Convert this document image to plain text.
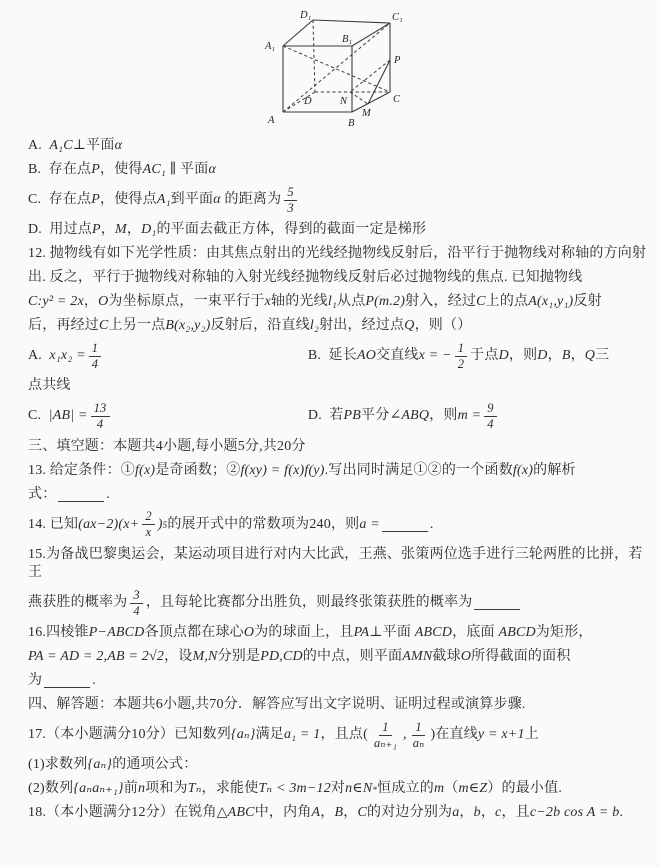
D₁	C₁
A₁
B₁
P
D	N	C
M
A	B
A. A₁C ⊥平面 α
B.  存在点 P ，使得 AC₁ ∥ 平面 α
C.  存在点 P ，使得点 A₁ 到平面 α 的距离为 $\frac{5}{3}$
D.  用过点 P ， M ， D₁ 的平面去截正方体，得到的截面一定是梯形
12. 抛物线有如下光学性质：由其焦点射出的光线经抛物线反射后，沿平行于抛物线对称轴的方向射
出. 反之，平行于抛物线对称轴的入射光线经抛物线反射后必过抛物线的焦点. 已知抛物线
C:y² = 2x ， O 为坐标原点，一束平行于 x 轴的光线 l₁ 从点 P(m.2) 射入，经过 C 上的点 A(x₁,y₁) 反射
后，再经过 C 上另一点 B(x₂,y₂) 反射后，沿直线 l₂ 射出，经过点 Q ，则（）
A. $x_1x_2 = \frac{1}{4}$	B.  延长 AO 交直线 x = − $\frac{1}{2}$ 于点 D ，则 D ， B ， Q 三
点共线
C. $|AB| = \frac{13}{4}$	D.  若 PB 平分 ∠ABQ ，则 $m = \frac{9}{4}$
三、填空题：本题共4小题,每小题5分,共20分
13. 给定条件：① f(x) 是奇函数；② f(xy) = f(x)f(y) .写出同时满足①②的一个函数 f(x) 的解析
式：	.
14. 已知 $(ax-2)(x+ \frac{2}{x}$ ) 5 的展开式中的常数项为240，则 a =	.
15.为备战巴黎奥运会，某运动项目进行对内大比武，王燕、张策两位选手进行三轮两胜的比拼，若王
燕获胜的概率为 $\frac{3}{4}$ ，且每轮比赛都分出胜负，则最终张策获胜的概率为
16.四棱锥 P−ABCD 各顶点都在球心 O 为的球面上，且 PA ⊥平面 ABCD ，底面 ABCD 为矩形，
PA = AD = 2,AB = 2√2 ，设 M,N 分别是 PD,CD 的中点，则平面 AMN 截球 O 所得截面的面积
为	.
四、解答题：本题共6小题,共70分．解答应写出文字说明、证明过程或演算步骤.
17.（本小题满分10分）已知数列 {aₙ} 满足 a₁ = 1 ，且点( $\frac{1}{\text{aₙ₊₁}}$ , $\frac{1}{\text{aₙ}}$ )在直线 y = x+1 上
(1)求数列 {aₙ} 的通项公式：
(2)数列 {aₙaₙ₊₁} 前 n 项和为 Tₙ ，求能使 Tₙ < 3m−12 对 n∈N * 恒成立的 m （ m∈Z ）的最小值.
18.（本小题满分12分）在锐角 △ABC 中，内角 A ， B ， C 的对边分别为 a ， b ， c ，且 c−2b cos A = b .
